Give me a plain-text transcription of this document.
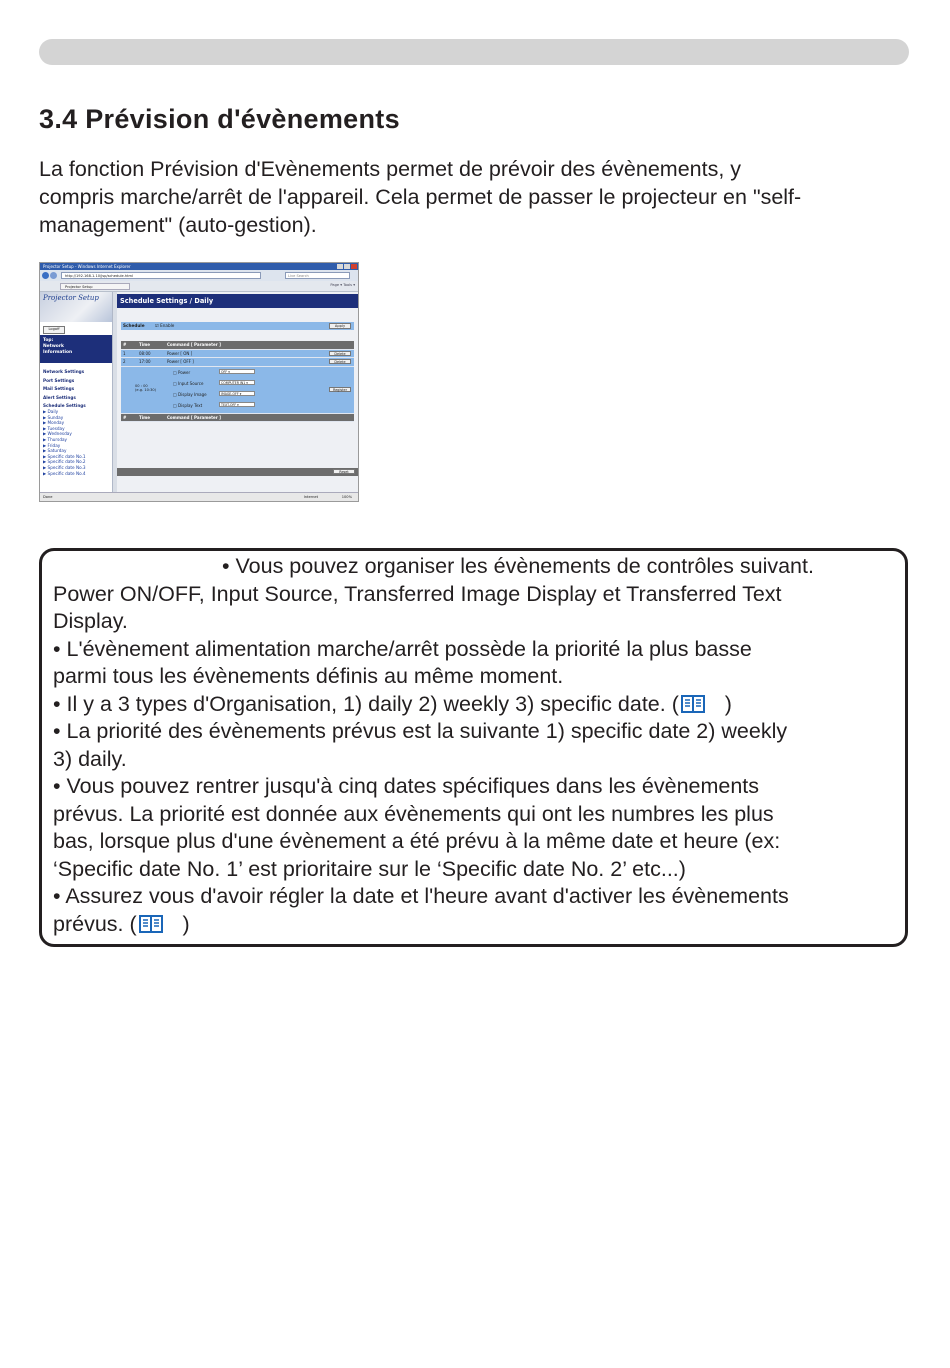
3.4 Prévision d'évènements
La fonction Prévision d'Evènements permet de prévoir des évènements, y
compris marche/arrêt de l'appareil. Cela permet de passer le projecteur en "self-
management" (auto-gestion).
Projector Setup - Windows Internet Explorer
http://192.168.1.10/jsp/schedule.html	Live Search
Projector Setup	Page ▾ Tools ▾
Projector Setup
Logoff
Top:
Network
Information
Network Settings
Port Settings
Mail Settings
Alert Settings
Schedule Settings
▶ Daily
▶ Sunday
▶ Monday
▶ Tuesday
▶ Wednesday
▶ Thursday
▶ Friday
▶ Saturday
▶ Specific date No.1
▶ Specific date No.2
▶ Specific date No.3
▶ Specific date No.4
Schedule Settings / Daily
Schedule ☑ Enable	Apply
#	Time	Command [ Parameter ]
1	08:00	Power [ ON ]	Delete
2	17:00	Power [ OFF ]	Delete
00 : 00
(e.g. 10:30)
□ Power	OFF ▾
□ Input Source	COMPUTER IN1 ▾
□ Display Image	IMAGE-OFF ▾
□ Display Text	TEXT-OFF ▾
Register
#	Time	Command [ Parameter ]
Reset
Done	Internet	100%
• Vous pouvez organiser les évènements de contrôles suivant.
Power ON/OFF, Input Source, Transferred Image Display et Transferred Text
Display.
• L'évènement alimentation marche/arrêt possède la priorité la plus basse
parmi tous les évènements définis au même moment.
• Il y a 3 types d'Organisation, 1) daily 2) weekly 3) specific date. (   )
• La priorité des évènements prévus est la suivante 1) specific date 2) weekly
3) daily.
• Vous pouvez rentrer jusqu'à cinq dates spécifiques dans les évènements
prévus. La priorité est donnée aux évènements qui ont les numbres les plus
bas, lorsque plus d'une évènement a été prévu à la même date et heure (ex:
‘Specific date No. 1’ est prioritaire sur le ‘Specific date No. 2’ etc...)
• Assurez vous d'avoir régler la date et l'heure avant d'activer les évènements
prévus. (   )
